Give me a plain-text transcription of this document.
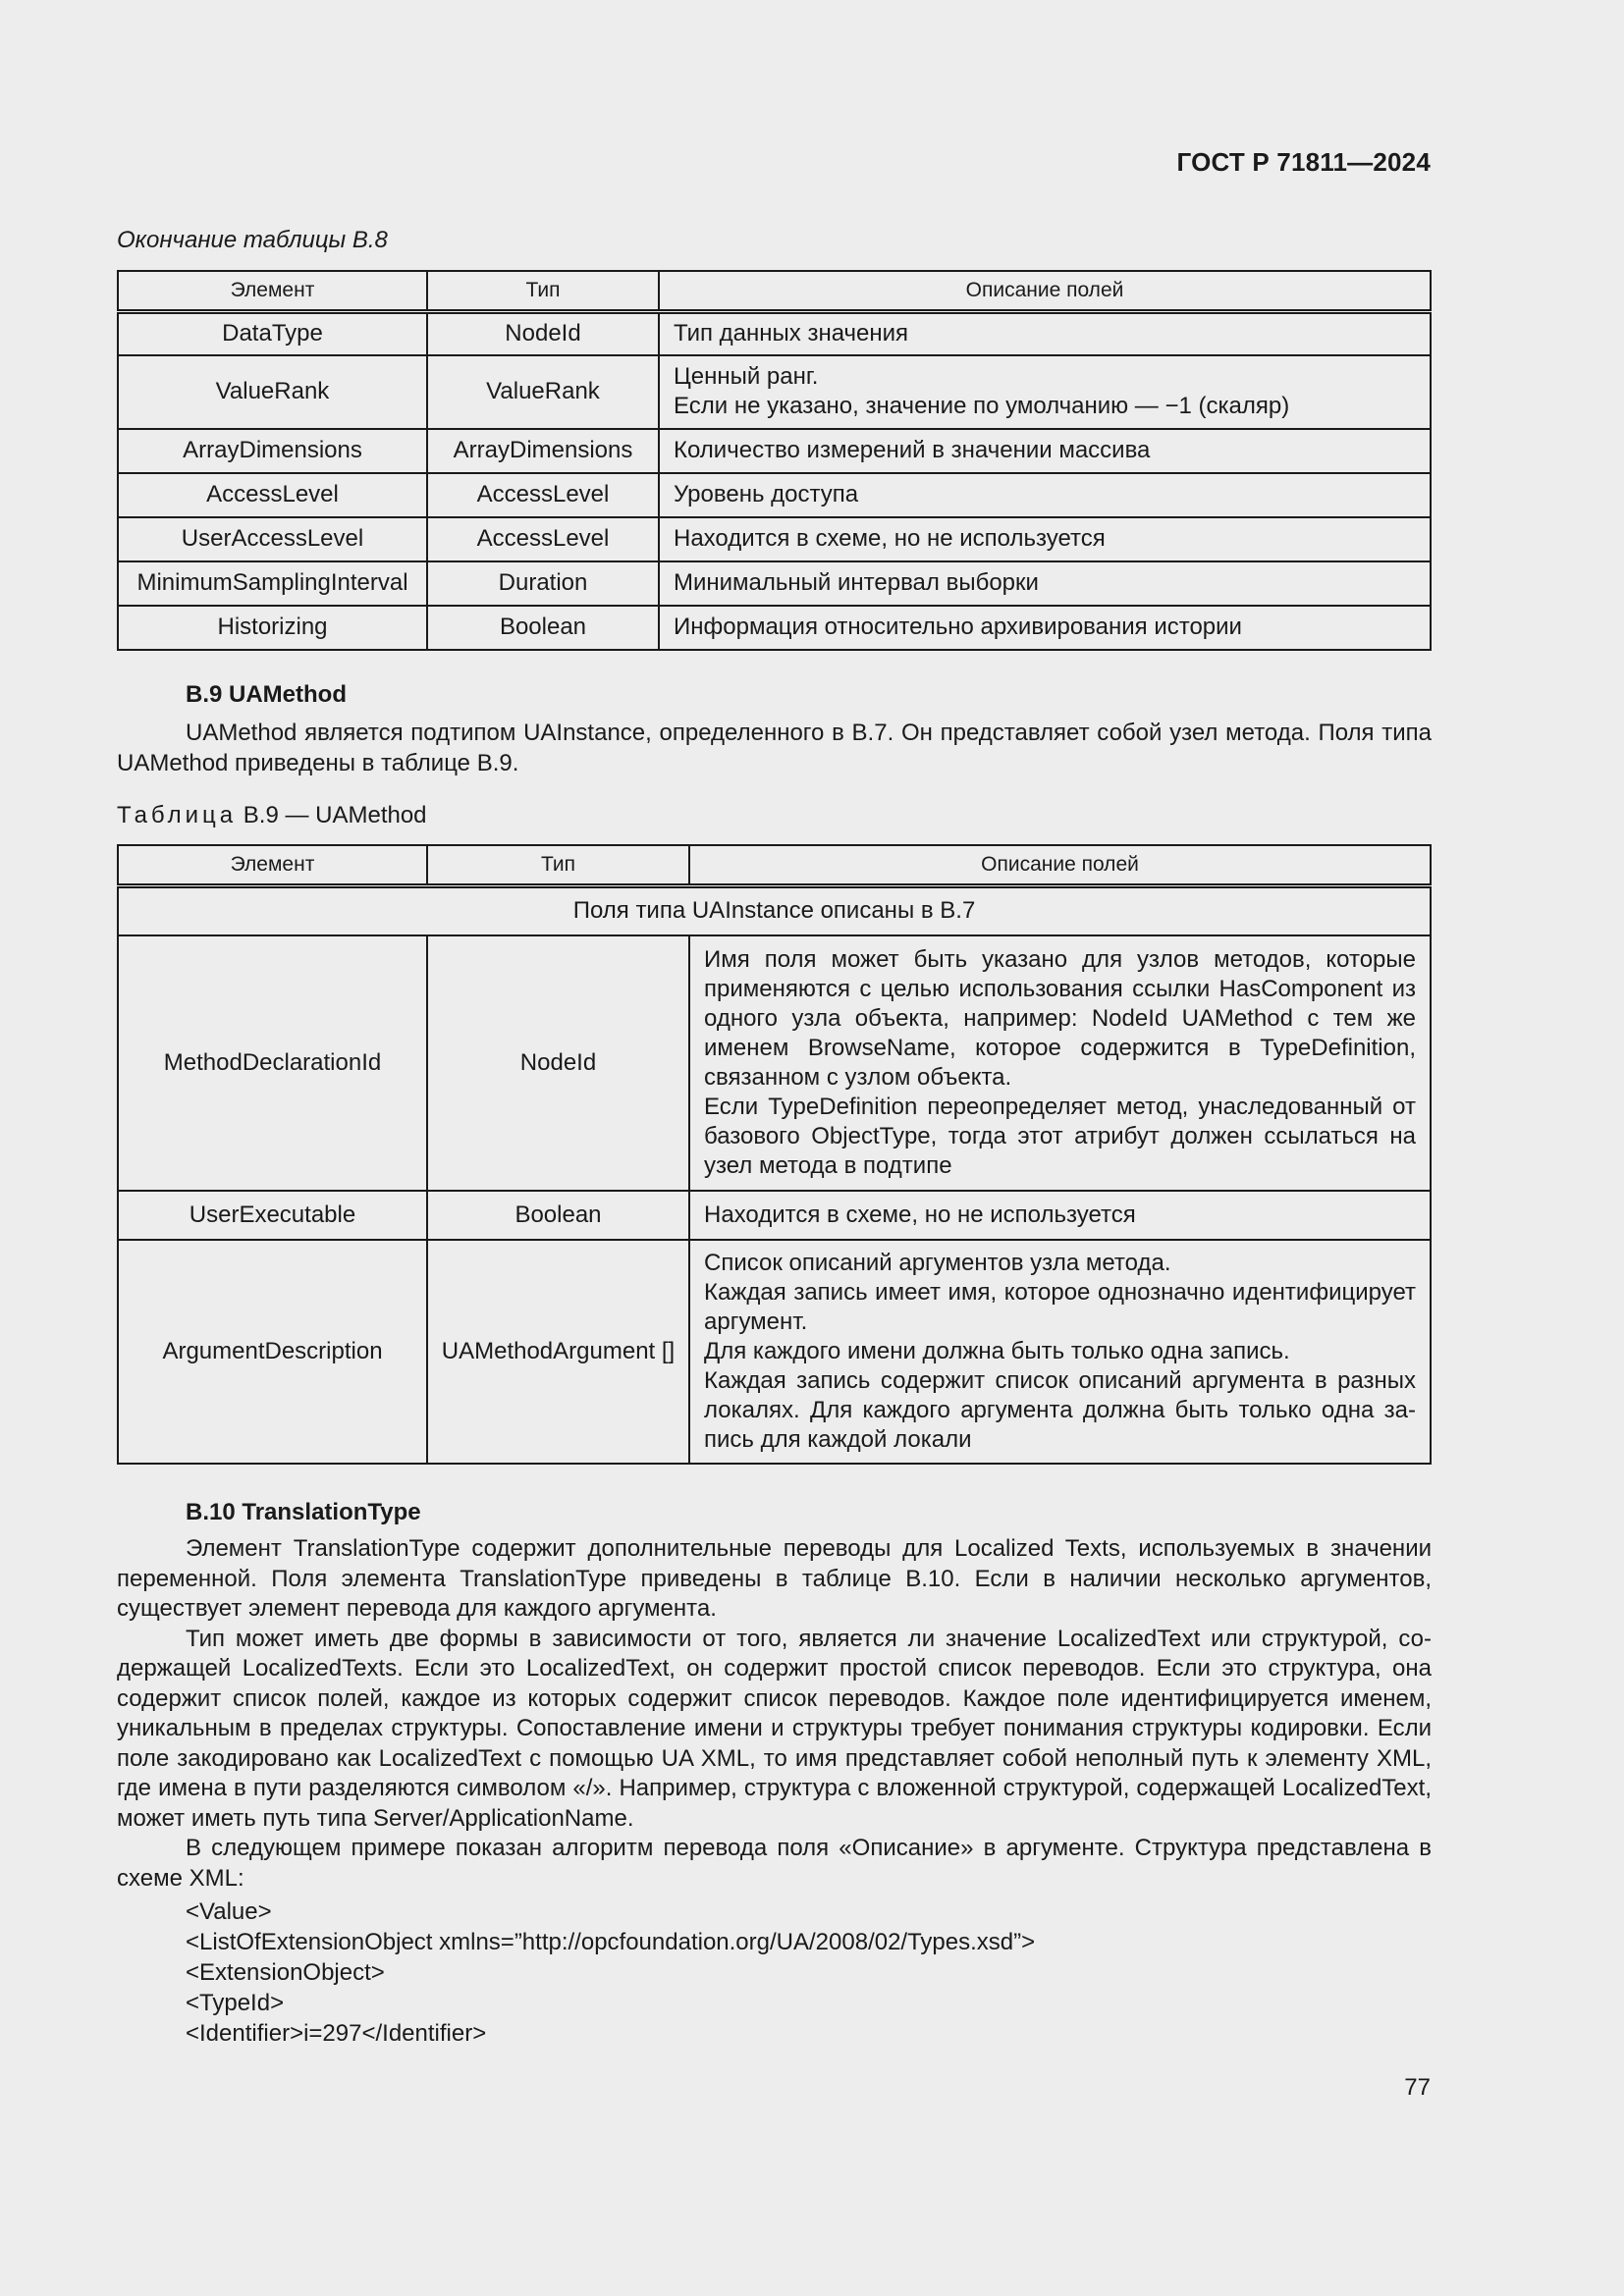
ГОСТ Р 71811—2024
Окончание таблицы В.8
Элемент	Тип	Описание полей
DataType	NodeId	Тип данных значения
ValueRank	ValueRank	Ценный ранг.
Если не указано, значение по умолчанию — −1 (скаляр)

ArrayDimensions	ArrayDimensions	Количество измерений в значении массива
AccessLevel	AccessLevel	Уровень доступа
UserAccessLevel	AccessLevel	Находится в схеме, но не используется
MinimumSamplingInterval	Duration	Минимальный интервал выборки
Historizing	Boolean	Информация относительно архивирования истории
В.9 UAMethod

UAMethod является подтипом UAInstance, определенного в В.7. Он представляет собой узел метода. Поля типа UAMethod приведены в таблице В.9.

Таблица В.9 — UAMethod
Элемент	Тип	Описание полей
Поля типа UAInstance описаны в В.7		
MethodDeclarationId	NodeId	Имя поля может быть указано для узлов методов, которые применяются с целью использования ссылки HasComponent из одного узла объекта, например: NodeId UAMethod с тем же именем BrowseName, которое содержится в TypeDefinition, связанном с узлом объекта.
Если TypeDefinition переопределяет метод, унаследованный от базового ObjectType, тогда этот атрибут должен ссылаться на узел метода в подтипе

UserExecutable	Boolean	Находится в схеме, но не используется
ArgumentDescription	UAMethodArgument []	Список описаний аргументов узла метода.
Каждая запись имеет имя, которое однозначно идентифицирует аргумент.
Для каждого имени должна быть только одна запись.
Каждая запись содержит список описаний аргумента в разных локалях. Для каждого аргумента должна быть только одна запись для каждой локали
В.10 TranslationType

Элемент TranslationType содержит дополнительные переводы для Localized Texts, используемых в значении переменной. Поля элемента TranslationType приведены в таблице В.10. Если в наличии несколько аргументов, существует элемент перевода для каждого аргумента.

Тип может иметь две формы в зависимости от того, является ли значение LocalizedText или структурой, содержащей LocalizedTexts. Если это LocalizedText, он содержит простой список переводов. Если это структура, она содержит список полей, каждое из которых содержит список переводов. Каждое поле идентифицируется именем, уникальным в пределах структуры. Сопоставление имени и структуры требует понимания структуры кодировки. Если поле закодировано как LocalizedText с помощью UA XML, то имя представляет собой неполный путь к элементу XML, где имена в пути разделяются символом «/». Например, структура с вложенной структурой, содержащей LocalizedText, может иметь путь типа Server/ApplicationName.

В следующем примере показан алгоритм перевода поля «Описание» в аргументе. Структура представлена в схеме XML:

<Value>
<ListOfExtensionObject xmlns=”http://opcfoundation.org/UA/2008/02/Types.xsd”>
<ExtensionObject>
<TypeId>
<Identifier>i=297</Identifier>
77
